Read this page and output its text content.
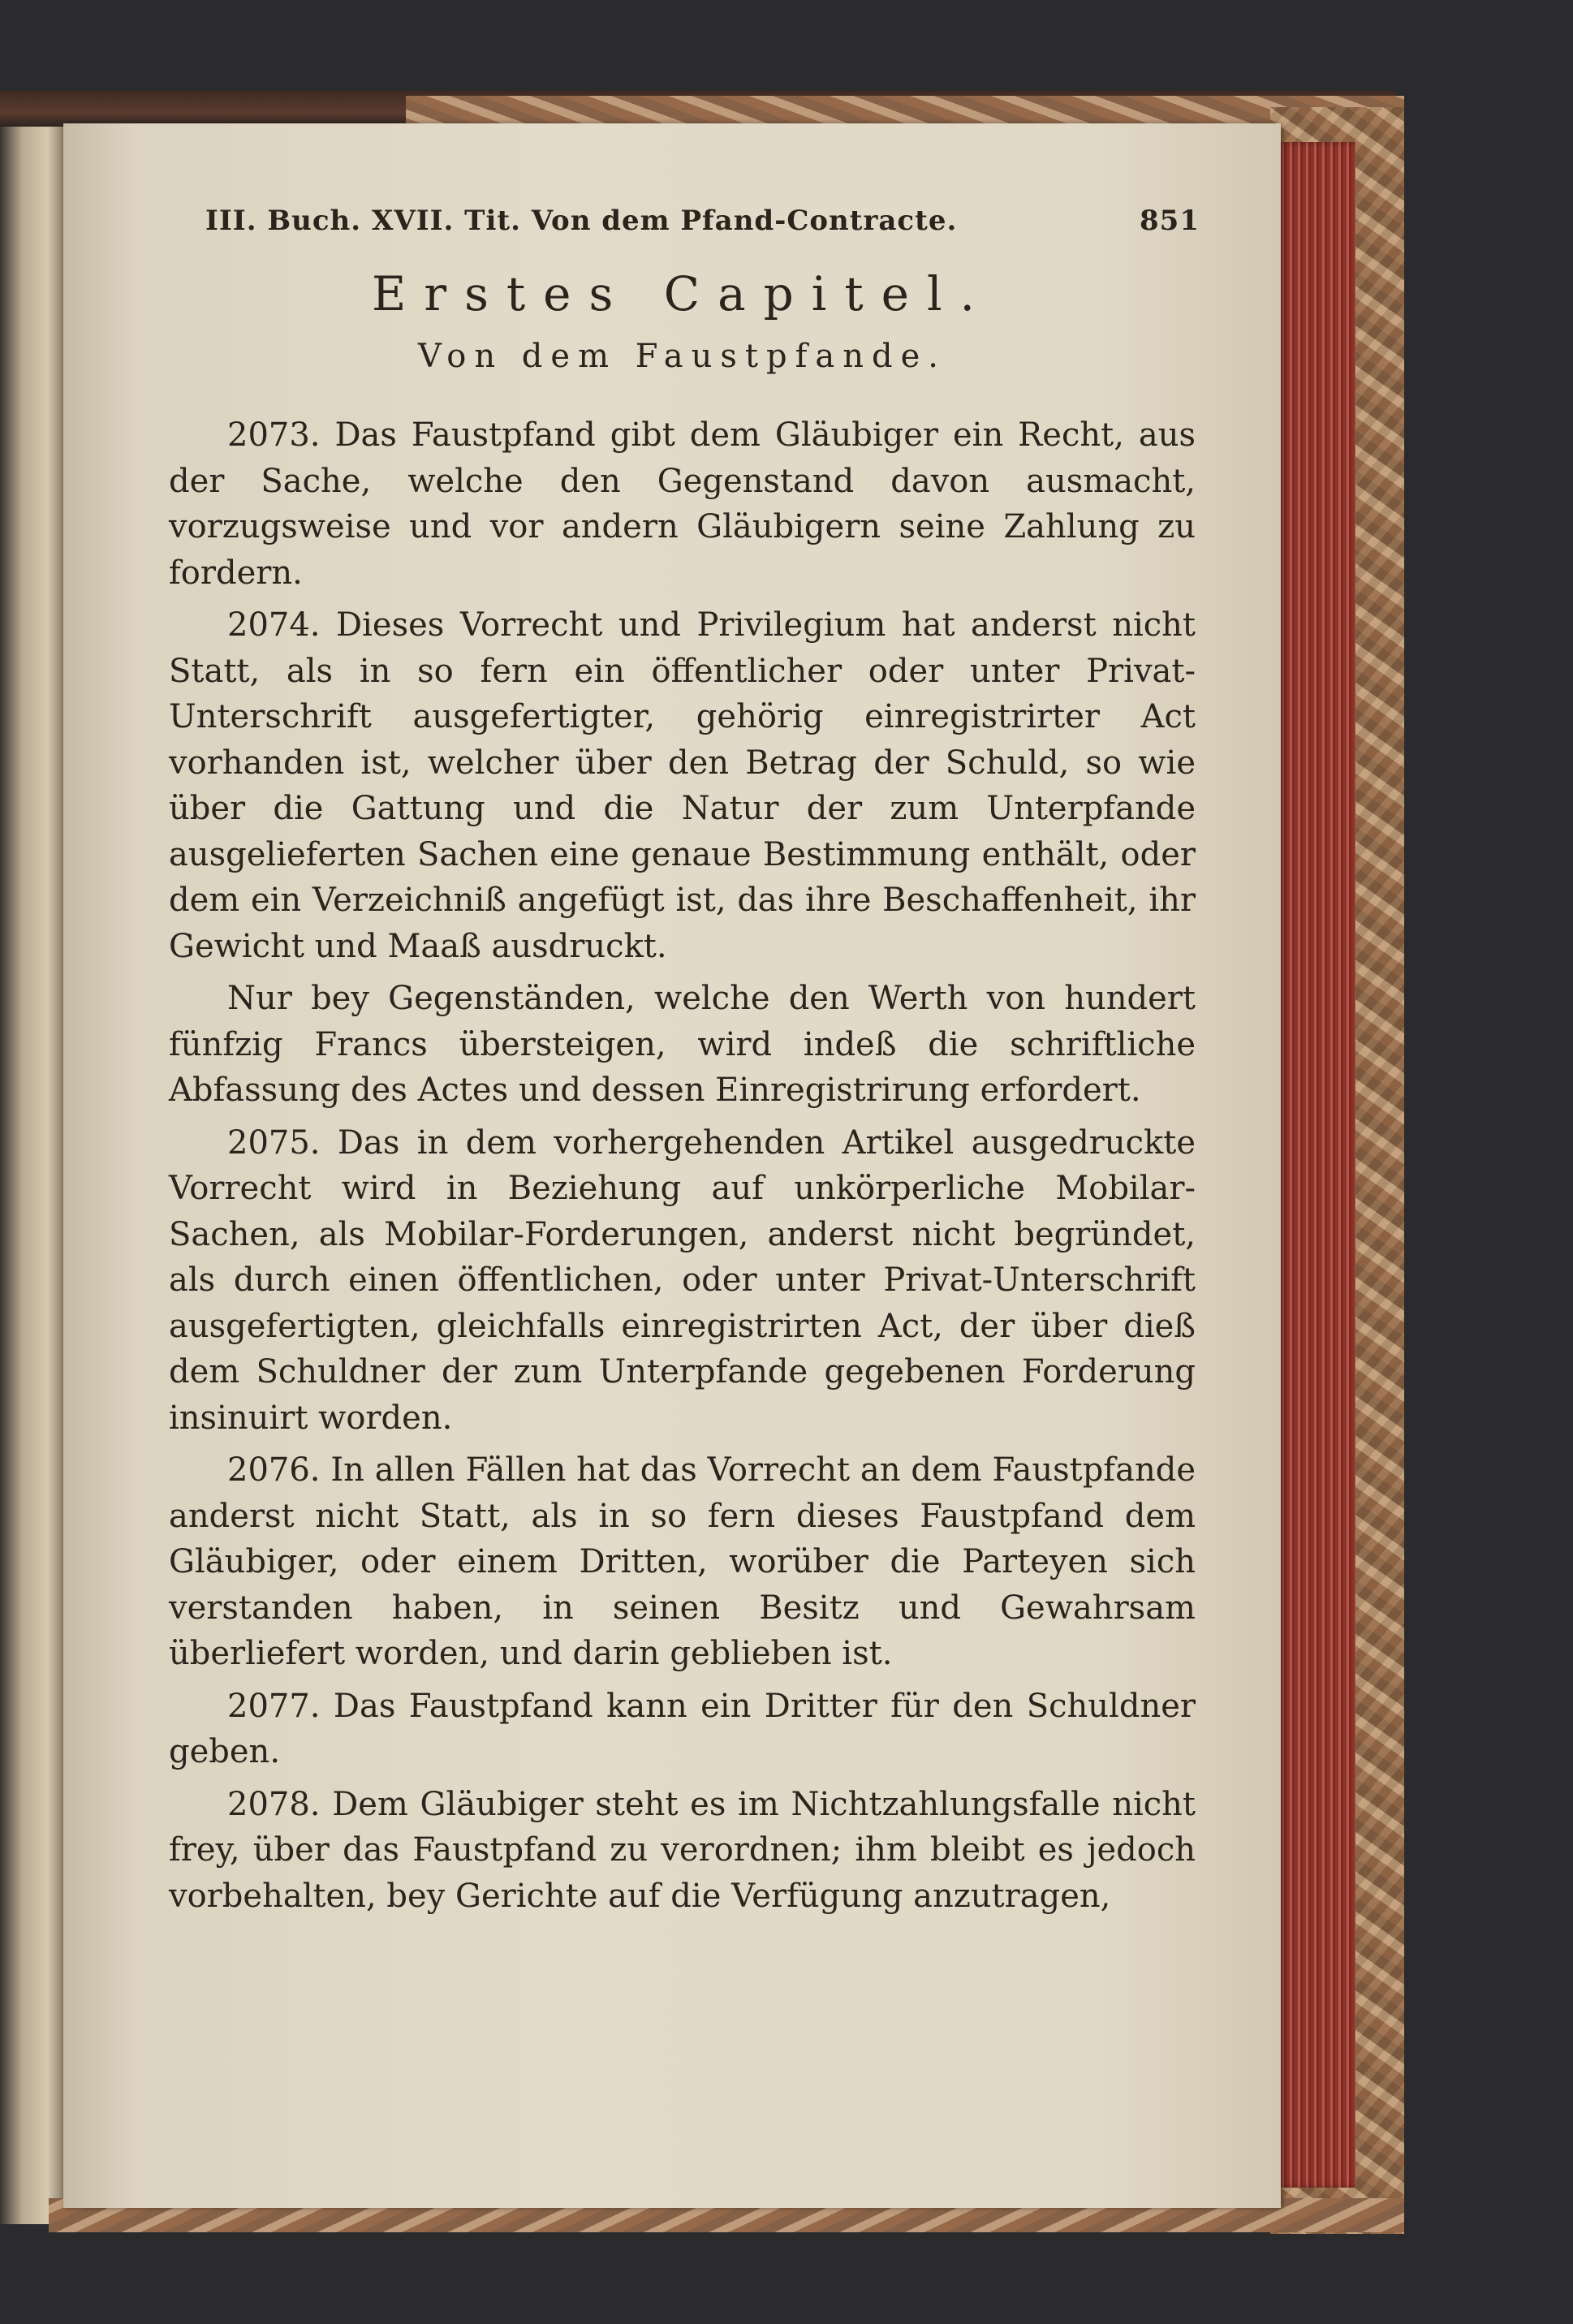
III. Buch. XVII. Tit. Von dem Pfand-Contracte.	851
Erstes Capitel.
Von dem Faustpfande.

2073. Das Faustpfand gibt dem Gläubiger ein Recht, aus der Sache, welche den Gegenstand davon ausmacht, vorzugsweise und vor andern Gläubigern seine Zahlung zu fordern.

2074. Dieses Vorrecht und Privilegium hat anderst nicht Statt, als in so fern ein öffentlicher oder unter Privat-Unterschrift ausgefertigter, gehörig einregistrirter Act vorhanden ist, welcher über den Betrag der Schuld, so wie über die Gattung und die Natur der zum Unterpfande ausgelieferten Sachen eine genaue Bestimmung enthält, oder dem ein Verzeichniß angefügt ist, das ihre Beschaffenheit, ihr Gewicht und Maaß ausdruckt.

Nur bey Gegenständen, welche den Werth von hundert fünfzig Francs übersteigen, wird indeß die schriftliche Abfassung des Actes und dessen Einregistrirung erfordert.

2075. Das in dem vorhergehenden Artikel ausgedruckte Vorrecht wird in Beziehung auf unkörperliche Mobilar-Sachen, als Mobilar-Forderungen, anderst nicht begründet, als durch einen öffentlichen, oder unter Privat-Unterschrift ausgefertigten, gleichfalls einregistrirten Act, der über dieß dem Schuldner der zum Unterpfande gegebenen Forderung insinuirt worden.

2076. In allen Fällen hat das Vorrecht an dem Faustpfande anderst nicht Statt, als in so fern dieses Faustpfand dem Gläubiger, oder einem Dritten, worüber die Parteyen sich verstanden haben, in seinen Besitz und Gewahrsam überliefert worden, und darin geblieben ist.

2077. Das Faustpfand kann ein Dritter für den Schuldner geben.

2078. Dem Gläubiger steht es im Nichtzahlungsfalle nicht frey, über das Faustpfand zu verordnen; ihm bleibt es jedoch vorbehalten, bey Gerichte auf die Verfügung anzutragen,
